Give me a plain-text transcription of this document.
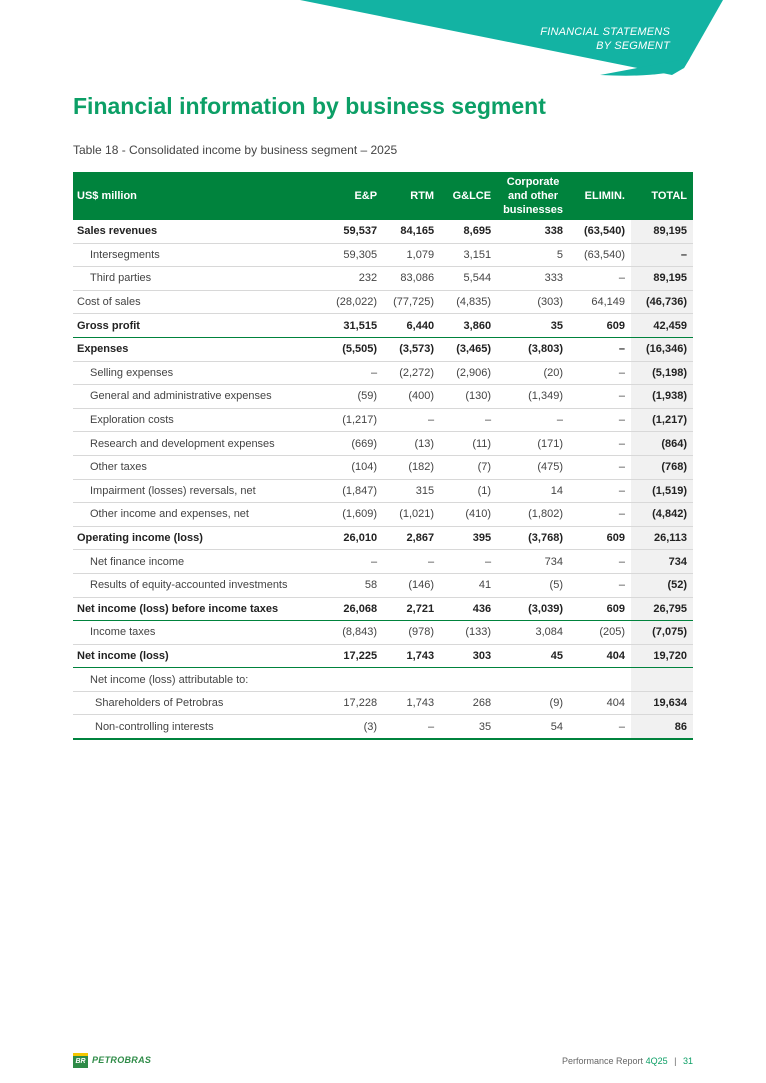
FINANCIAL STATEMENS
BY SEGMENT
Financial information by business segment
Table 18 - Consolidated income by business segment – 2025
US$ million	E&P	RTM	G&LCE	Corporate and other businesses	ELIMIN.	TOTAL
Sales revenues	59,537	84,165	8,695	338	(63,540)	89,195
Intersegments	59,305	1,079	3,151	5	(63,540)	–
Third parties	232	83,086	5,544	333	–	89,195
Cost of sales	(28,022)	(77,725)	(4,835)	(303)	64,149	(46,736)
Gross profit	31,515	6,440	3,860	35	609	42,459
Expenses	(5,505)	(3,573)	(3,465)	(3,803)	–	(16,346)
Selling expenses	–	(2,272)	(2,906)	(20)	–	(5,198)
General and administrative expenses	(59)	(400)	(130)	(1,349)	–	(1,938)
Exploration costs	(1,217)	–	–	–	–	(1,217)
Research and development expenses	(669)	(13)	(11)	(171)	–	(864)
Other taxes	(104)	(182)	(7)	(475)	–	(768)
Impairment (losses) reversals, net	(1,847)	315	(1)	14	–	(1,519)
Other income and expenses, net	(1,609)	(1,021)	(410)	(1,802)	–	(4,842)
Operating income (loss)	26,010	2,867	395	(3,768)	609	26,113
Net finance income	–	–	–	734	–	734
Results of equity-accounted investments	58	(146)	41	(5)	–	(52)
Net income (loss) before income taxes	26,068	2,721	436	(3,039)	609	26,795
Income taxes	(8,843)	(978)	(133)	3,084	(205)	(7,075)
Net income (loss)	17,225	1,743	303	45	404	19,720
Net income (loss) attributable to:						
Shareholders of Petrobras	17,228	1,743	268	(9)	404	19,634
Non-controlling interests	(3)	–	35	54	–	86
BR PETROBRAS	Performance Report 4Q25 | 31
